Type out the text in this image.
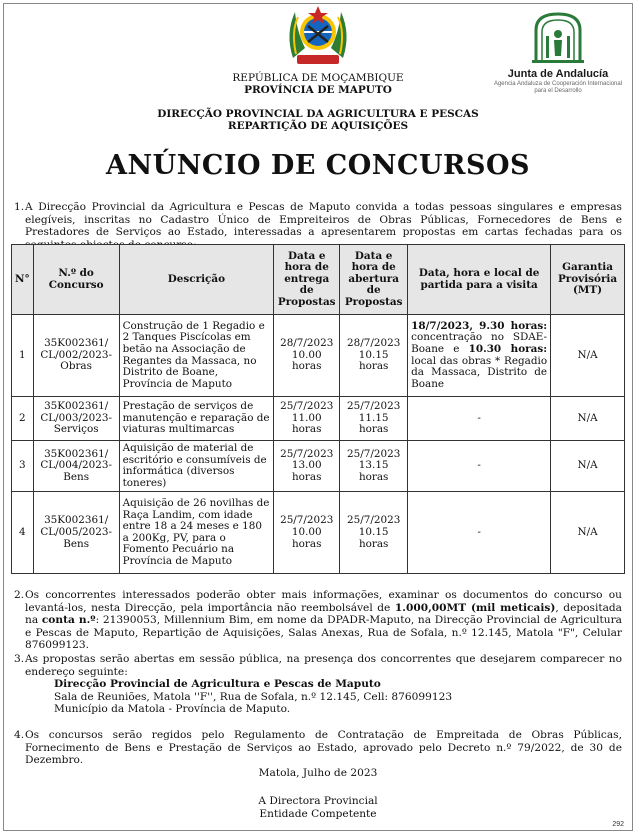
Junta de Andalucía
Agencia Andaluza de Cooperación Internacional para el Desarrollo
REPÚBLICA DE MOÇAMBIQUE
PROVÍNCIA DE MAPUTO
DIRECÇÃO PROVINCIAL DA AGRICULTURA E PESCAS
REPARTIÇÃO DE AQUISIÇÕES
ANÚNCIO DE CONCURSOS
1. A Direcção Provincial da Agricultura e Pescas de Maputo convida a todas pessoas singulares e empresas elegíveis, inscritas no Cadastro Único de Empreiteiros de Obras Públicas, Fornecedores de Bens e Prestadores de Serviços ao Estado, interessadas a apresentarem propostas em cartas fechadas para os
N°	N.º do Concurso	Descrição	Data e hora de entrega de Propostas	Data e hora de abertura de Propostas	Data, hora e local de partida para a visita	Garantia Provisória (MT)
1	35K002361/ CL/002/2023- Obras	Construção de 1 Regadio e 2 Tanques Piscícolas em betão na Associação de Regantes da Massaca, no Distrito de Boane, Província de Maputo	28/7/2023 10.00 horas	28/7/2023 10.15 horas	18/7/2023, 9.30 horas: concentração no SDAE-Boane e 10.30 horas: local das obras * Regadio da Massaca, Distrito de Boane	N/A
2	35K002361/ CL/003/2023- Serviços	Prestação de serviços de manutenção e reparação de viaturas multimarcas	25/7/2023 11.00 horas	25/7/2023 11.15 horas	-	N/A
3	35K002361/ CL/004/2023- Bens	Aquisição de material de escritório e consumíveis de informática (diversos toneres)	25/7/2023 13.00 horas	25/7/2023 13.15 horas	-	N/A
4	35K002361/ CL/005/2023- Bens	Aquisição de 26 novilhas de Raça Landim, com idade entre 18 a 24 meses e 180 a 200Kg, PV, para o Fomento Pecuário na Província de Maputo	25/7/2023 10.00 horas	25/7/2023 10.15 horas	-	N/A
2. Os concorrentes interessados poderão obter mais informações, examinar os documentos do concurso ou levantá-los, nesta Direcção, pela importância não reembolsável de 1.000,00MT (mil meticais), depositada na conta n.º: 21390053, Millennium Bim, em nome da DPADR-Maputo, na Direcção Provincial de Agricultura e Pescas de Maputo, Repartição de Aquisições, Salas Anexas, Rua de Sofala, n.º 12.145, Matola "F", Celular 876099123.
3. As propostas serão abertas em sessão pública, na presença dos concorrentes que desejarem comparecer no endereço seguinte:
Direcção Provincial de Agricultura e Pescas de Maputo
Sala de Reuniões, Matola ''F'', Rua de Sofala, n.º 12.145, Cell: 876099123
Município da Matola - Província de Maputo.
4. Os concursos serão regidos pelo Regulamento de Contratação de Empreitada de Obras Públicas, Fornecimento de Bens e Prestação de Serviços ao Estado, aprovado pelo Decreto n.º 79/2022, de 30 de Dezembro.
Matola, Julho de 2023
A Directora Provincial
Entidade Competente
292
